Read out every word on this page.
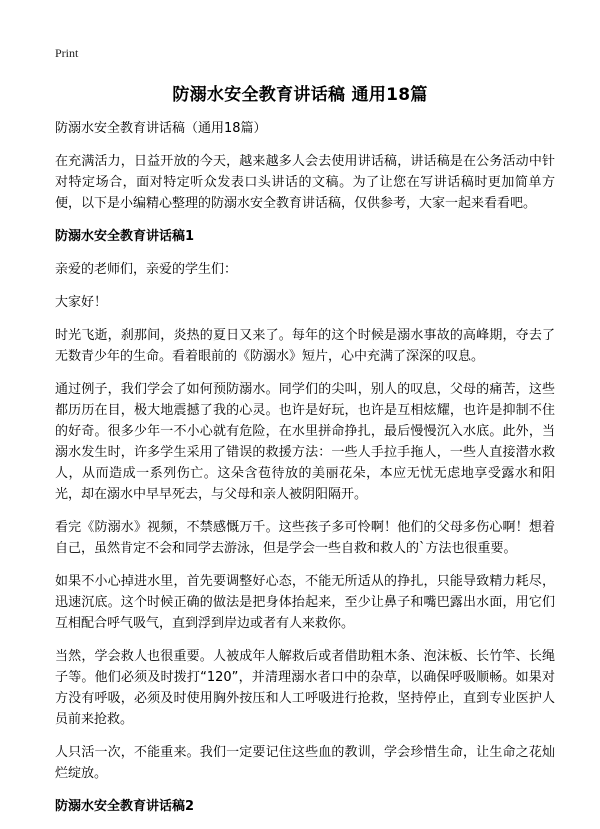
Print
防溺水安全教育讲话稿 通用18篇

防溺水安全教育讲话稿（通用18篇）

在充满活力，日益开放的今天，越来越多人会去使用讲话稿，讲话稿是在公务活动中针对特定场合，面对特定听众发表口头讲话的文稿。为了让您在写讲话稿时更加简单方便，以下是小编精心整理的防溺水安全教育讲话稿，仅供参考，大家一起来看看吧。

防溺水安全教育讲话稿1

亲爱的老师们，亲爱的学生们：

大家好！

时光飞逝，刹那间，炎热的夏日又来了。每年的这个时候是溺水事故的高峰期，夺去了无数青少年的生命。看着眼前的《防溺水》短片，心中充满了深深的叹息。

通过例子，我们学会了如何预防溺水。同学们的尖叫，别人的叹息，父母的痛苦，这些都历历在目，极大地震撼了我的心灵。也许是好玩，也许是互相炫耀，也许是抑制不住的好奇。很多少年一不小心就有危险，在水里拼命挣扎，最后慢慢沉入水底。此外，当溺水发生时，许多学生采用了错误的救援方法：一些人手拉手拖人，一些人直接潜水救人，从而造成一系列伤亡。这朵含苞待放的美丽花朵，本应无忧无虑地享受露水和阳光，却在溺水中早早死去，与父母和亲人被阴阳隔开。

看完《防溺水》视频，不禁感慨万千。这些孩子多可怜啊！他们的父母多伤心啊！想着自己，虽然肯定不会和同学去游泳，但是学会一些自救和救人的`方法也很重要。

如果不小心掉进水里，首先要调整好心态，不能无所适从的挣扎，只能导致精力耗尽，迅速沉底。这个时候正确的做法是把身体抬起来，至少让鼻子和嘴巴露出水面，用它们互相配合呼气吸气，直到浮到岸边或者有人来救你。

当然，学会救人也很重要。人被成年人解救后或者借助粗木条、泡沫板、长竹竿、长绳子等。他们必须及时拨打“120”，并清理溺水者口中的杂草，以确保呼吸顺畅。如果对方没有呼吸，必须及时使用胸外按压和人工呼吸进行抢救，坚持停止，直到专业医护人员前来抢救。

人只活一次，不能重来。我们一定要记住这些血的教训，学会珍惜生命，让生命之花灿烂绽放。

防溺水安全教育讲话稿2
